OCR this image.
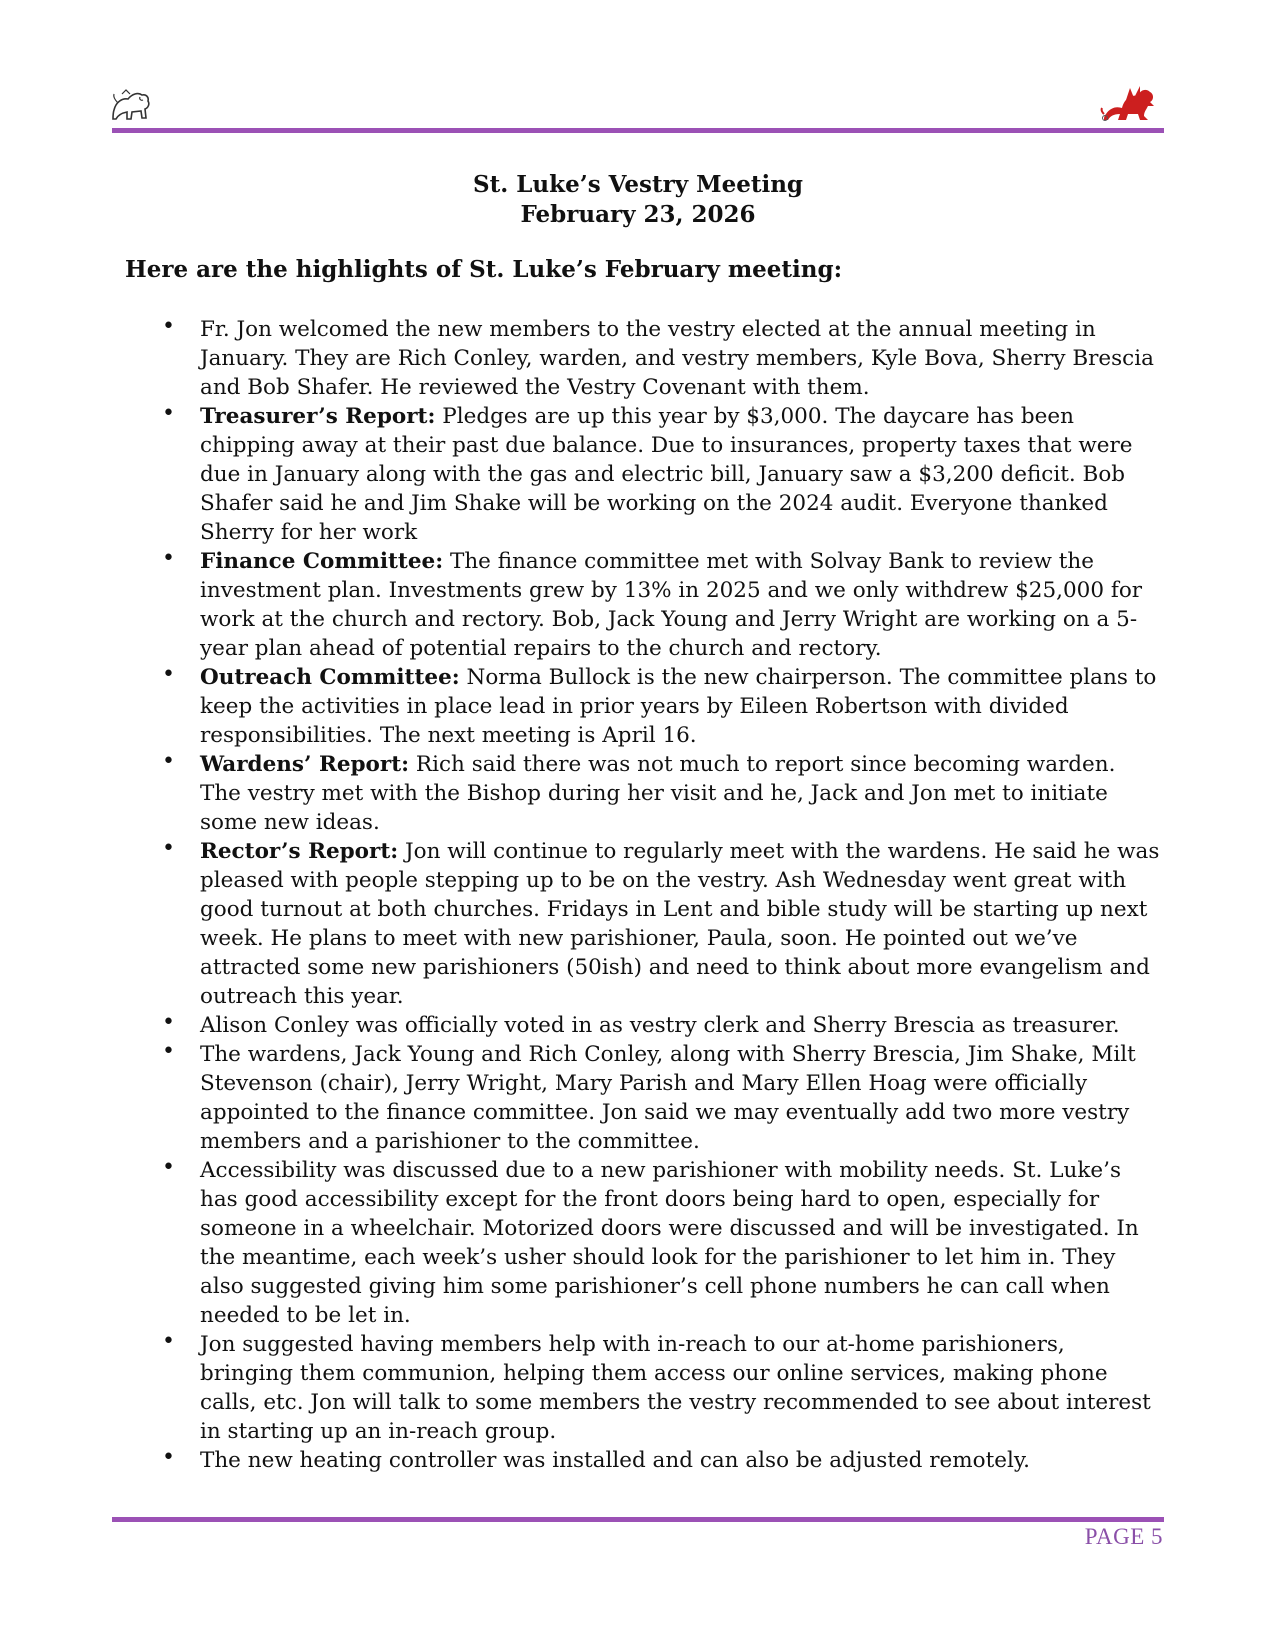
St. Luke’s Vestry Meeting
February 23, 2026
Here are the highlights of St. Luke’s February meeting:
• Fr. Jon welcomed the new members to the vestry elected at the annual meeting in January. They are Rich Conley, warden, and vestry members, Kyle Bova, Sherry Brescia and Bob Shafer. He reviewed the Vestry Covenant with them.
• Treasurer’s Report: Pledges are up this year by $3,000. The daycare has been chipping away at their past due balance. Due to insurances, property taxes that were due in January along with the gas and electric bill, January saw a $3,200 deficit. Bob Shafer said he and Jim Shake will be working on the 2024 audit. Everyone thanked Sherry for her work
• Finance Committee: The finance committee met with Solvay Bank to review the investment plan. Investments grew by 13% in 2025 and we only withdrew $25,000 for work at the church and rectory. Bob, Jack Young and Jerry Wright are working on a 5-year plan ahead of potential repairs to the church and rectory.
• Outreach Committee: Norma Bullock is the new chairperson. The committee plans to keep the activities in place lead in prior years by Eileen Robertson with divided responsibilities. The next meeting is April 16.
• Wardens’ Report: Rich said there was not much to report since becoming warden. The vestry met with the Bishop during her visit and he, Jack and Jon met to initiate some new ideas.
• Rector’s Report: Jon will continue to regularly meet with the wardens. He said he was pleased with people stepping up to be on the vestry. Ash Wednesday went great with good turnout at both churches. Fridays in Lent and bible study will be starting up next week. He plans to meet with new parishioner, Paula, soon. He pointed out we’ve attracted some new parishioners (50ish) and need to think about more evangelism and outreach this year.
• Alison Conley was officially voted in as vestry clerk and Sherry Brescia as treasurer.
• The wardens, Jack Young and Rich Conley, along with Sherry Brescia, Jim Shake, Milt Stevenson (chair), Jerry Wright, Mary Parish and Mary Ellen Hoag were officially appointed to the finance committee. Jon said we may eventually add two more vestry members and a parishioner to the committee.
• Accessibility was discussed due to a new parishioner with mobility needs. St. Luke’s has good accessibility except for the front doors being hard to open, especially for someone in a wheelchair. Motorized doors were discussed and will be investigated. In the meantime, each week’s usher should look for the parishioner to let him in. They also suggested giving him some parishioner’s cell phone numbers he can call when needed to be let in.
• Jon suggested having members help with in-reach to our at-home parishioners, bringing them communion, helping them access our online services, making phone calls, etc. Jon will talk to some members the vestry recommended to see about interest in starting up an in-reach group.
• The new heating controller was installed and can also be adjusted remotely.
PAGE 5
